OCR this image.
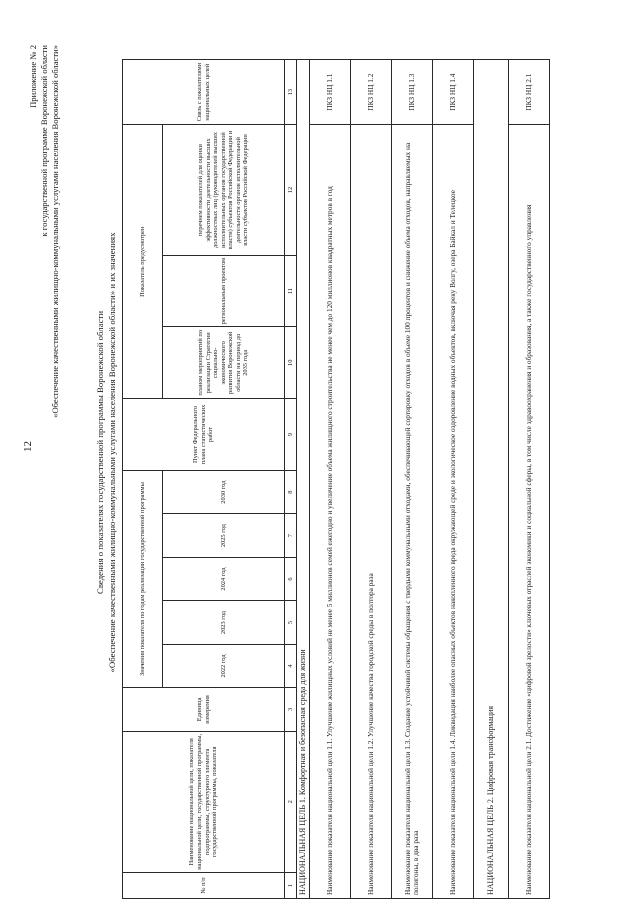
12
Приложение № 2 к государственной программе Воронежской области «Обеспечение качественными жилищно-коммунальными услугами населения Воронежской области»
Сведения о показателях государственной программы Воронежской области «Обеспечение качественными жилищно-коммунальными услугами населения Воронежской области» и их значениях
№ п/п	Наименование национальной цели, показателя национальной цели, государственной программы, подпрограммы, структурного элемента государственной программы, показателя	Единица измерения	Значения показателя по годам реализации государственной программы					Пункт Федерального плана статистических работ	Показатель предусмотрен			Связь с показателями национальных целей
			2022 год	2023 год	2024 год	2025 год	2030 год		планом мероприятий по реализации Стратегии социально-экономического развития Воронежской области на период до 2035 года	региональным проектом	перечнем показателей для оценки эффективности деятельности высших должностных лиц (руководителей высших исполнительных органов государственной власти) субъектов Российской Федерации и деятельности органов исполнительной власти субъектов Российской Федерации	

1	2	3	4	5	6	7	8	9	10	11	12	13
НАЦИОНАЛЬНАЯ ЦЕЛЬ 1. Комфортная и безопасная среда для жизни												
Наименование показателя национальной цели 1.1. Улучшение жилищных условий не менее 5 миллионов семей ежегодно и увеличение объема жилищного строительства не менее чем до 120 миллионов квадратных метров в год												ПКЗ НЦ 1.1
Наименование показателя национальной цели 1.2. Улучшение качества городской среды в полтора раза												ПКЗ НЦ 1.2
Наименование показателя национальной цели 1.3. Создание устойчивой системы обращения с твердыми коммунальными отходами, обеспечивающей сортировку отходов в объеме 100 процентов и снижение объема отходов, направляемых на полигоны, в два раза												ПКЗ НЦ 1.3
Наименование показателя национальной цели 1.4. Ликвидация наиболее опасных объектов накопленного вреда окружающей среде и экологическое оздоровление водных объектов, включая реку Волгу, озера Байкал и Телецкое												ПКЗ НЦ 1.4
НАЦИОНАЛЬНАЯ ЦЕЛЬ 2. Цифровая трансформация												
Наименование показателя национальной цели 2.1. Достижение «цифровой зрелости» ключевых отраслей экономики и социальной сферы, в том числе здравоохранения и образования, а также государственного управления												ПКЗ НЦ 2.1
